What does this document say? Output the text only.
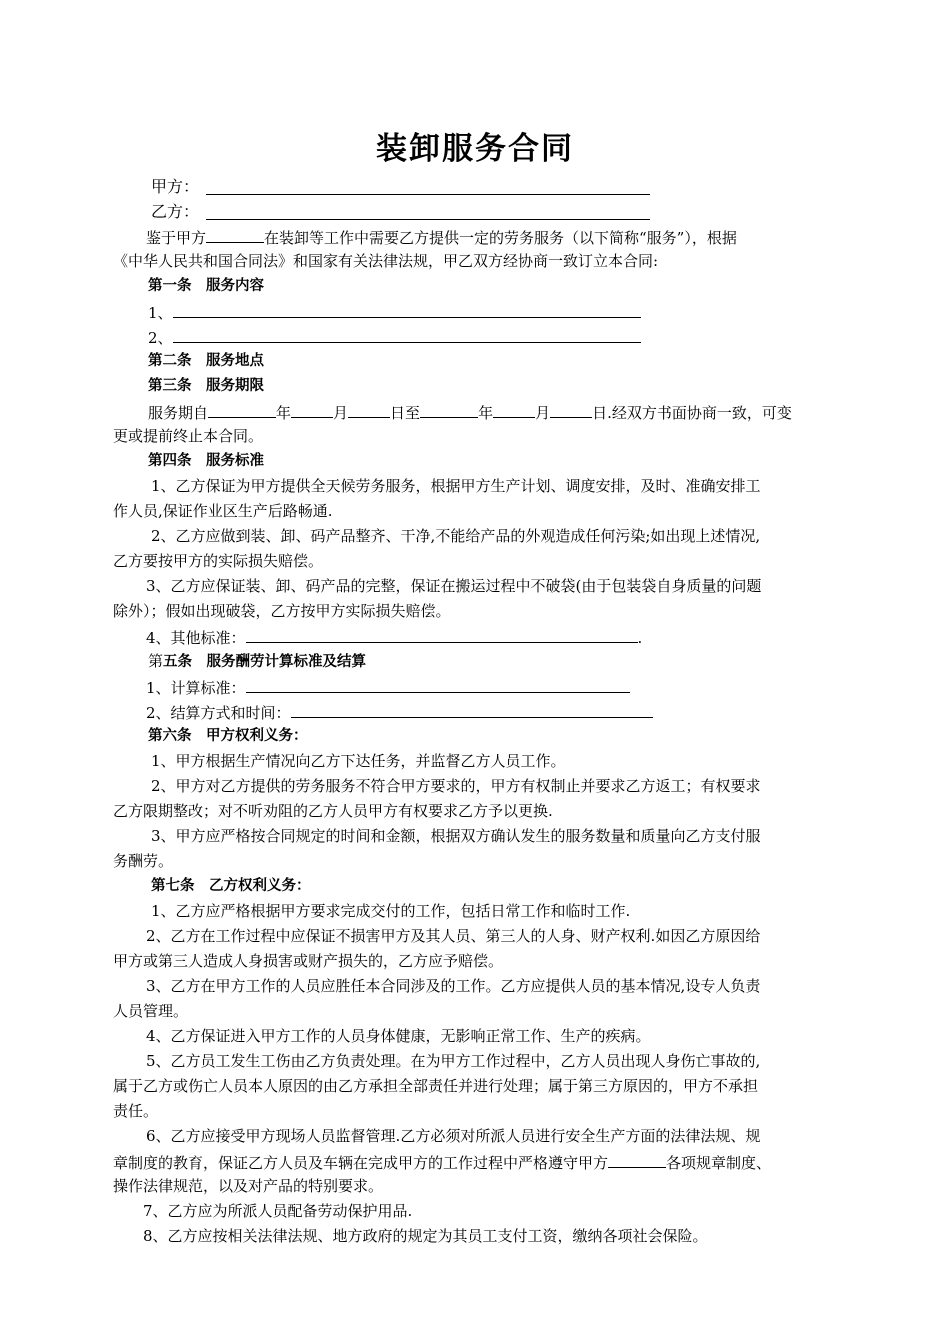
装卸服务合同
甲方：
乙方：
鉴于甲方	在装卸等工作中需要乙方提供一定的劳务服务（以下简称“服务”），根据
《中华人民共和国合同法》和国家有关法律法规，甲乙双方经协商一致订立本合同:
第一条　服务内容
1、
2、
第二条　服务地点
第三条　服务期限
服务期自	年	月	日至	年	月	日.经双方书面协商一致，可变
更或提前终止本合同。
第四条　服务标准
1、乙方保证为甲方提供全天候劳务服务，根据甲方生产计划、调度安排，及时、准确安排工
作人员,保证作业区生产后路畅通.
2、乙方应做到装、卸、码产品整齐、干净,不能给产品的外观造成任何污染;如出现上述情况,
乙方要按甲方的实际损失赔偿。
3、乙方应保证装、卸、码产品的完整，保证在搬运过程中不破袋(由于包装袋自身质量的问题
除外）；假如出现破袋，乙方按甲方实际损失赔偿。
4、其他标准：	.
第五条　服务酬劳计算标准及结算
1、计算标准：
2、结算方式和时间：
第六条　甲方权利义务：
1、甲方根据生产情况向乙方下达任务，并监督乙方人员工作。
2、甲方对乙方提供的劳务服务不符合甲方要求的，甲方有权制止并要求乙方返工；有权要求
乙方限期整改；对不听劝阻的乙方人员甲方有权要求乙方予以更换.
3、甲方应严格按合同规定的时间和金额，根据双方确认发生的服务数量和质量向乙方支付服
务酬劳。
第七条　乙方权利义务：
1、乙方应严格根据甲方要求完成交付的工作，包括日常工作和临时工作.
2、乙方在工作过程中应保证不损害甲方及其人员、第三人的人身、财产权利.如因乙方原因给
甲方或第三人造成人身损害或财产损失的，乙方应予赔偿。
3、乙方在甲方工作的人员应胜任本合同涉及的工作。乙方应提供人员的基本情况,设专人负责
人员管理。
4、乙方保证进入甲方工作的人员身体健康，无影响正常工作、生产的疾病。
5、乙方员工发生工伤由乙方负责处理。在为甲方工作过程中，乙方人员出现人身伤亡事故的,
属于乙方或伤亡人员本人原因的由乙方承担全部责任并进行处理；属于第三方原因的，甲方不承担
责任。
6、乙方应接受甲方现场人员监督管理.乙方必须对所派人员进行安全生产方面的法律法规、规
章制度的教育，保证乙方人员及车辆在完成甲方的工作过程中严格遵守甲方	各项规章制度、
操作法律规范，以及对产品的特别要求。
7、乙方应为所派人员配备劳动保护用品.
8、乙方应按相关法律法规、地方政府的规定为其员工支付工资，缴纳各项社会保险。
